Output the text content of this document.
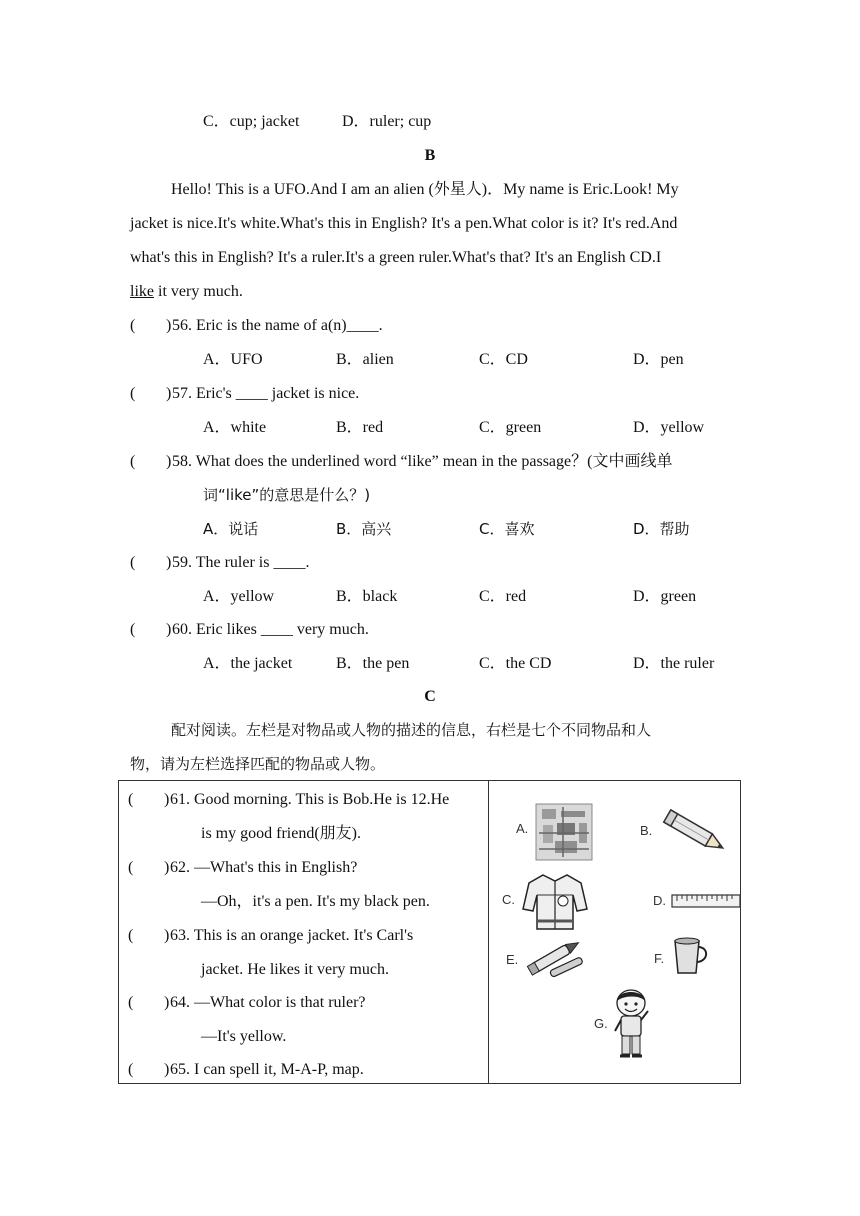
C．cup; jacket	D．ruler; cup
B
Hello! This is a UFO.And I am an alien (外星人)．My name is Eric.Look! My
jacket is nice.It's white.What's this in English? It's a pen.What color is it? It's red.And
what's this in English? It's a ruler.It's a green ruler.What's that? It's an English CD.I
like it very much.
( ) 56. Eric is the name of a(n)____.
A．UFO	B．alien	C．CD	D．pen
( ) 57. Eric's ____ jacket is nice.
A．white	B．red	C．green	D．yellow
( ) 58. What does the underlined word “like” mean in the passage？(文中画线单
词“like”的意思是什么？)
A．说话	B．高兴	C．喜欢	D．帮助
( ) 59. The ruler is ____.
A．yellow	B．black	C．red	D．green
( ) 60. Eric likes ____ very much.
A．the jacket	B．the pen	C．the CD	D．the ruler
C
配对阅读。左栏是对物品或人物的描述的信息，右栏是七个不同物品和人
物，请为左栏选择匹配的物品或人物。
( ) 61. Good morning. This is Bob.He is 12.He
is my good friend(朋友).
( ) 62. —What's this in English?
—Oh，it's a pen. It's my black pen.
( ) 63. This is an orange jacket. It's Carl's
jacket. He likes it very much.
( ) 64. —What color is that ruler?
—It's yellow.
( ) 65. I can spell it, M-A-P, map.
A.	B.
C.	D.
E.	F.
G.
